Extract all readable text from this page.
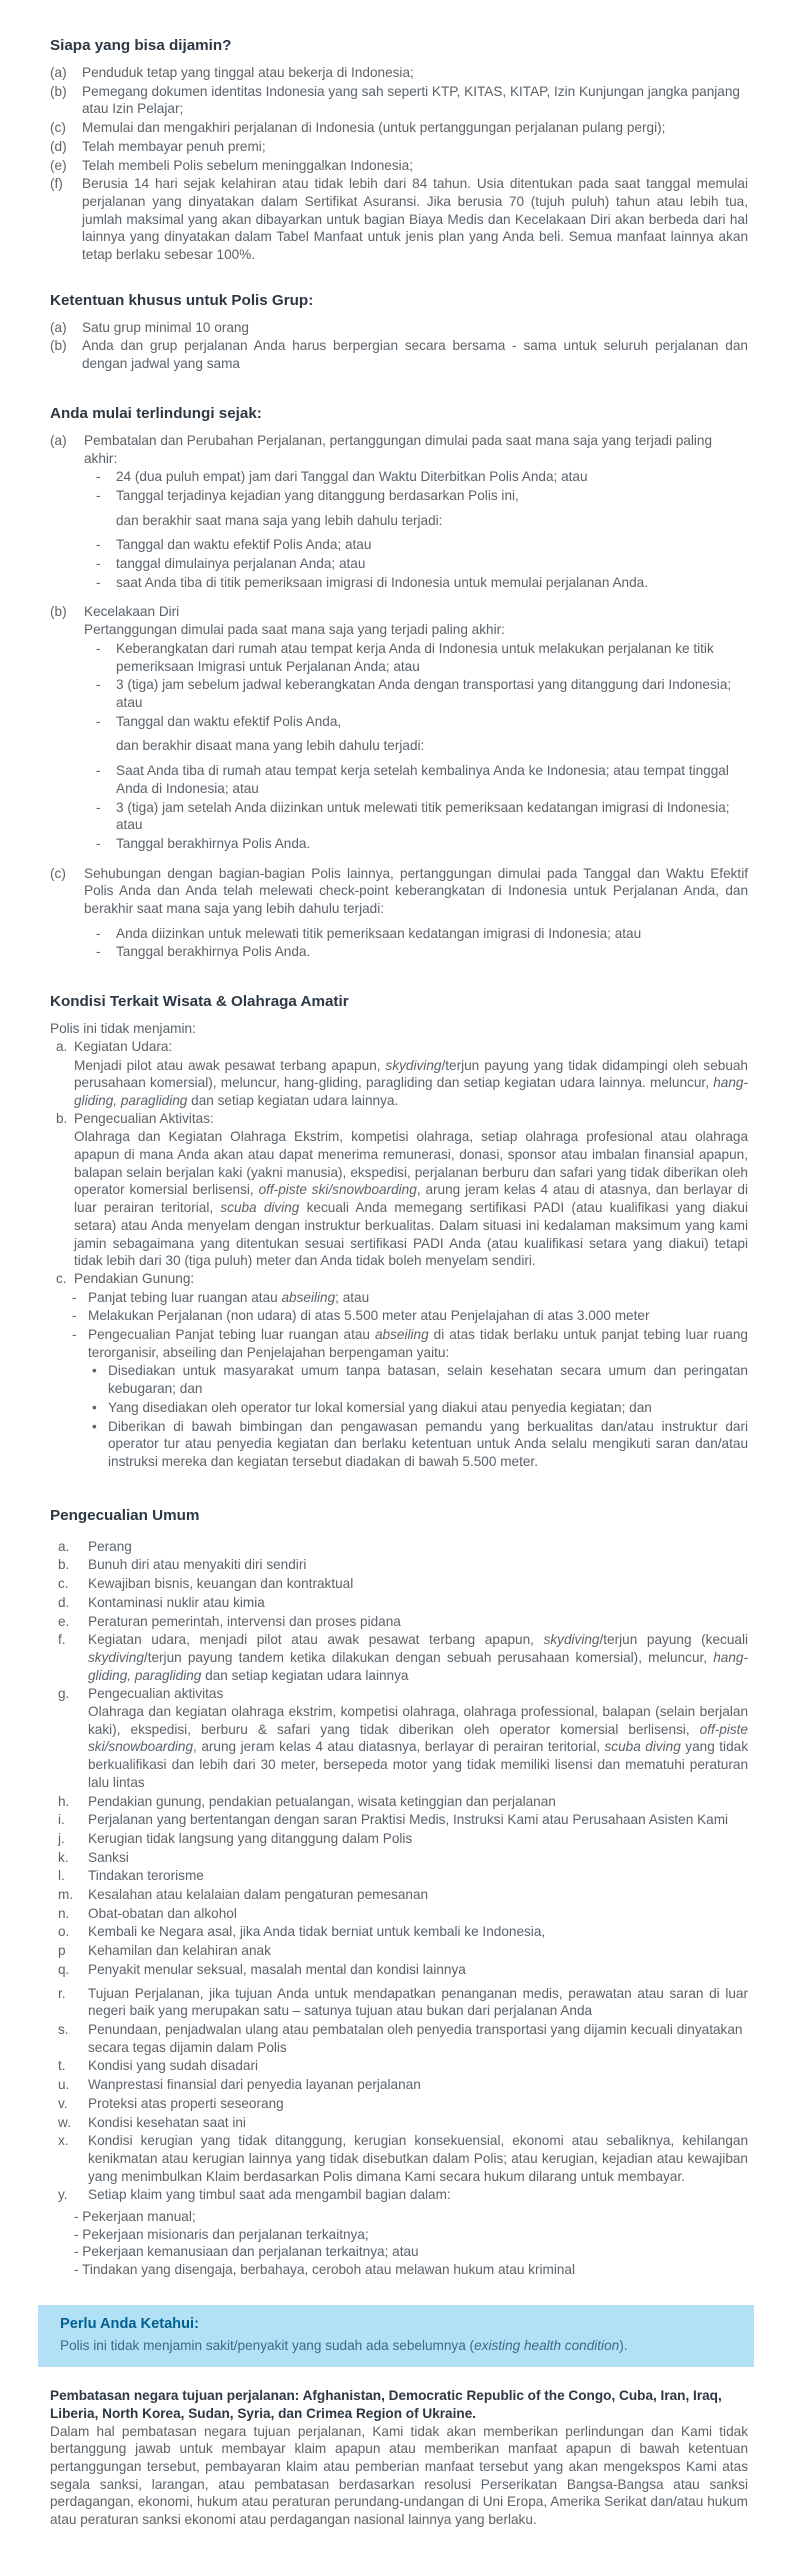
Siapa yang bisa dijamin?
(a)	Penduduk tetap yang tinggal atau bekerja di Indonesia;
(b)	Pemegang dokumen identitas Indonesia yang sah seperti KTP, KITAS, KITAP, Izin Kunjungan jangka panjang atau Izin Pelajar;
(c)	Memulai dan mengakhiri perjalanan di Indonesia (untuk pertanggungan perjalanan pulang pergi);
(d)	Telah membayar penuh premi;
(e)	Telah membeli Polis sebelum meninggalkan Indonesia;
(f)	Berusia 14 hari sejak kelahiran atau tidak lebih dari 84 tahun. Usia ditentukan pada saat tanggal memulai perjalanan yang dinyatakan dalam Sertifikat Asuransi. Jika berusia 70 (tujuh puluh) tahun atau lebih tua, jumlah maksimal yang akan dibayarkan untuk bagian Biaya Medis dan Kecelakaan Diri akan berbeda dari hal lainnya yang dinyatakan dalam Tabel Manfaat untuk jenis plan yang Anda beli. Semua manfaat lainnya akan tetap berlaku sebesar 100%.
Ketentuan khusus untuk Polis Grup:
(a)	Satu grup minimal 10 orang
(b)	Anda dan grup perjalanan Anda harus berpergian secara bersama - sama untuk seluruh perjalanan dan dengan jadwal yang sama
Anda mulai terlindungi sejak:
(a)	Pembatalan dan Perubahan Perjalanan, pertanggungan dimulai pada saat mana saja yang terjadi paling akhir:
-	24 (dua puluh empat) jam dari Tanggal dan Waktu Diterbitkan Polis Anda; atau
-	Tanggal terjadinya kejadian yang ditanggung berdasarkan Polis ini,
dan berakhir saat mana saja yang lebih dahulu terjadi:
-	Tanggal dan waktu efektif Polis Anda; atau
-	tanggal dimulainya perjalanan Anda; atau
-	saat Anda tiba di titik pemeriksaan imigrasi di Indonesia untuk memulai perjalanan Anda.
(b)	Kecelakaan Diri
Pertanggungan dimulai pada saat mana saja yang terjadi paling akhir:
-	Keberangkatan dari rumah atau tempat kerja Anda di Indonesia untuk melakukan perjalanan ke titik pemeriksaan Imigrasi untuk Perjalanan Anda; atau
-	3 (tiga) jam sebelum jadwal keberangkatan Anda dengan transportasi yang ditanggung dari Indonesia; atau
-	Tanggal dan waktu efektif Polis Anda,
dan berakhir disaat mana yang lebih dahulu terjadi:
-	Saat Anda tiba di rumah atau tempat kerja setelah kembalinya Anda ke Indonesia; atau tempat tinggal Anda di Indonesia; atau
-	3 (tiga) jam setelah Anda diizinkan untuk melewati titik pemeriksaan kedatangan imigrasi di Indonesia; atau
-	Tanggal berakhirnya Polis Anda.
(c)	Sehubungan dengan bagian-bagian Polis lainnya, pertanggungan dimulai pada Tanggal dan Waktu Efektif Polis Anda dan Anda telah melewati check-point keberangkatan di Indonesia untuk Perjalanan Anda, dan berakhir saat mana saja yang lebih dahulu terjadi:
-	Anda diizinkan untuk melewati titik pemeriksaan kedatangan imigrasi di Indonesia; atau
-	Tanggal berakhirnya Polis Anda.
Kondisi Terkait Wisata & Olahraga Amatir
Polis ini tidak menjamin:
a. Kegiatan Udara:
Menjadi pilot atau awak pesawat terbang apapun, skydiving/terjun payung yang tidak didampingi oleh sebuah perusahaan komersial), meluncur, hang-gliding, paragliding dan setiap kegiatan udara lainnya. meluncur, hang-gliding, paragliding dan setiap kegiatan udara lainnya.
b. Pengecualian Aktivitas:
Olahraga dan Kegiatan Olahraga Ekstrim, kompetisi olahraga, setiap olahraga profesional atau olahraga apapun di mana Anda akan atau dapat menerima remunerasi, donasi, sponsor atau imbalan finansial apapun, balapan selain berjalan kaki (yakni manusia), ekspedisi, perjalanan berburu dan safari yang tidak diberikan oleh operator komersial berlisensi, off-piste ski/snowboarding, arung jeram kelas 4 atau di atasnya, dan berlayar di luar perairan teritorial, scuba diving kecuali Anda memegang sertifikasi PADI (atau kualifikasi yang diakui setara) atau Anda menyelam dengan instruktur berkualitas. Dalam situasi ini kedalaman maksimum yang kami jamin sebagaimana yang ditentukan sesuai sertifikasi PADI Anda (atau kualifikasi setara yang diakui) tetapi tidak lebih dari 30 (tiga puluh) meter dan Anda tidak boleh menyelam sendiri.
c. Pendakian Gunung:
- Panjat tebing luar ruangan atau abseiling; atau
- Melakukan Perjalanan (non udara) di atas 5.500 meter atau Penjelajahan di atas 3.000 meter
- Pengecualian Panjat tebing luar ruangan atau abseiling di atas tidak berlaku untuk panjat tebing luar ruang terorganisir, abseiling dan Penjelajahan berpengaman yaitu:
• Disediakan untuk masyarakat umum tanpa batasan, selain kesehatan secara umum dan peringatan kebugaran; dan
• Yang disediakan oleh operator tur lokal komersial yang diakui atau penyedia kegiatan; dan
• Diberikan di bawah bimbingan dan pengawasan pemandu yang berkualitas dan/atau instruktur dari operator tur atau penyedia kegiatan dan berlaku ketentuan untuk Anda selalu mengikuti saran dan/atau instruksi mereka dan kegiatan tersebut diadakan di bawah 5.500 meter.
Pengecualian Umum
a.	Perang
b.	Bunuh diri atau menyakiti diri sendiri
c.	Kewajiban bisnis, keuangan dan kontraktual
d.	Kontaminasi nuklir atau kimia
e.	Peraturan pemerintah, intervensi dan proses pidana
f.	Kegiatan udara, menjadi pilot atau awak pesawat terbang apapun, skydiving/terjun payung (kecuali skydiving/terjun payung tandem ketika dilakukan dengan sebuah perusahaan komersial), meluncur, hang-gliding, paragliding dan setiap kegiatan udara lainnya
g.	Pengecualian aktivitas
Olahraga dan kegiatan olahraga ekstrim, kompetisi olahraga, olahraga professional, balapan (selain berjalan kaki), ekspedisi, berburu & safari yang tidak diberikan oleh operator komersial berlisensi, off-piste ski/snowboarding, arung jeram kelas 4 atau diatasnya, berlayar di perairan teritorial, scuba diving yang tidak berkualifikasi dan lebih dari 30 meter, bersepeda motor yang tidak memiliki lisensi dan mematuhi peraturan lalu lintas
h.	Pendakian gunung, pendakian petualangan, wisata ketinggian dan perjalanan
i.	Perjalanan yang bertentangan dengan saran Praktisi Medis, Instruksi Kami atau Perusahaan Asisten Kami
j.	Kerugian tidak langsung yang ditanggung dalam Polis
k.	Sanksi
l.	Tindakan terorisme
m.	Kesalahan atau kelalaian dalam pengaturan pemesanan
n.	Obat-obatan dan alkohol
o.	Kembali ke Negara asal, jika Anda tidak berniat untuk kembali ke Indonesia,
p	Kehamilan dan kelahiran anak
q.	Penyakit menular seksual, masalah mental dan kondisi lainnya
r.	Tujuan Perjalanan, jika tujuan Anda untuk mendapatkan penanganan medis, perawatan atau saran di luar negeri baik yang merupakan satu – satunya tujuan atau bukan dari perjalanan Anda
s.	Penundaan, penjadwalan ulang atau pembatalan oleh penyedia transportasi yang dijamin kecuali dinyatakan secara tegas dijamin dalam Polis
t.	Kondisi yang sudah disadari
u.	Wanprestasi finansial dari penyedia layanan perjalanan
v.	Proteksi atas properti seseorang
w.	Kondisi kesehatan saat ini
x.	Kondisi kerugian yang tidak ditanggung, kerugian konsekuensial, ekonomi atau sebaliknya, kehilangan kenikmatan atau kerugian lainnya yang tidak disebutkan dalam Polis; atau kerugian, kejadian atau kewajiban yang menimbulkan Klaim berdasarkan Polis dimana Kami secara hukum dilarang untuk membayar.
y.	Setiap klaim yang timbul saat ada mengambil bagian dalam:
- Pekerjaan manual;
- Pekerjaan misionaris dan perjalanan terkaitnya;
- Pekerjaan kemanusiaan dan perjalanan terkaitnya; atau
- Tindakan yang disengaja, berbahaya, ceroboh atau melawan hukum atau kriminal
Perlu Anda Ketahui:
Polis ini tidak menjamin sakit/penyakit yang sudah ada sebelumnya (existing health condition).
Pembatasan negara tujuan perjalanan: Afghanistan, Democratic Republic of the Congo, Cuba, Iran, Iraq, Liberia, North Korea, Sudan, Syria, dan Crimea Region of Ukraine.
Dalam hal pembatasan negara tujuan perjalanan, Kami tidak akan memberikan perlindungan dan Kami tidak bertanggung jawab untuk membayar klaim apapun atau memberikan manfaat apapun di bawah ketentuan pertanggungan tersebut, pembayaran klaim atau pemberian manfaat tersebut yang akan mengekspos Kami atas segala sanksi, larangan, atau pembatasan berdasarkan resolusi Perserikatan Bangsa-Bangsa atau sanksi perdagangan, ekonomi, hukum atau peraturan perundang-undangan di Uni Eropa, Amerika Serikat dan/atau hukum atau peraturan sanksi ekonomi atau perdagangan nasional lainnya yang berlaku.
